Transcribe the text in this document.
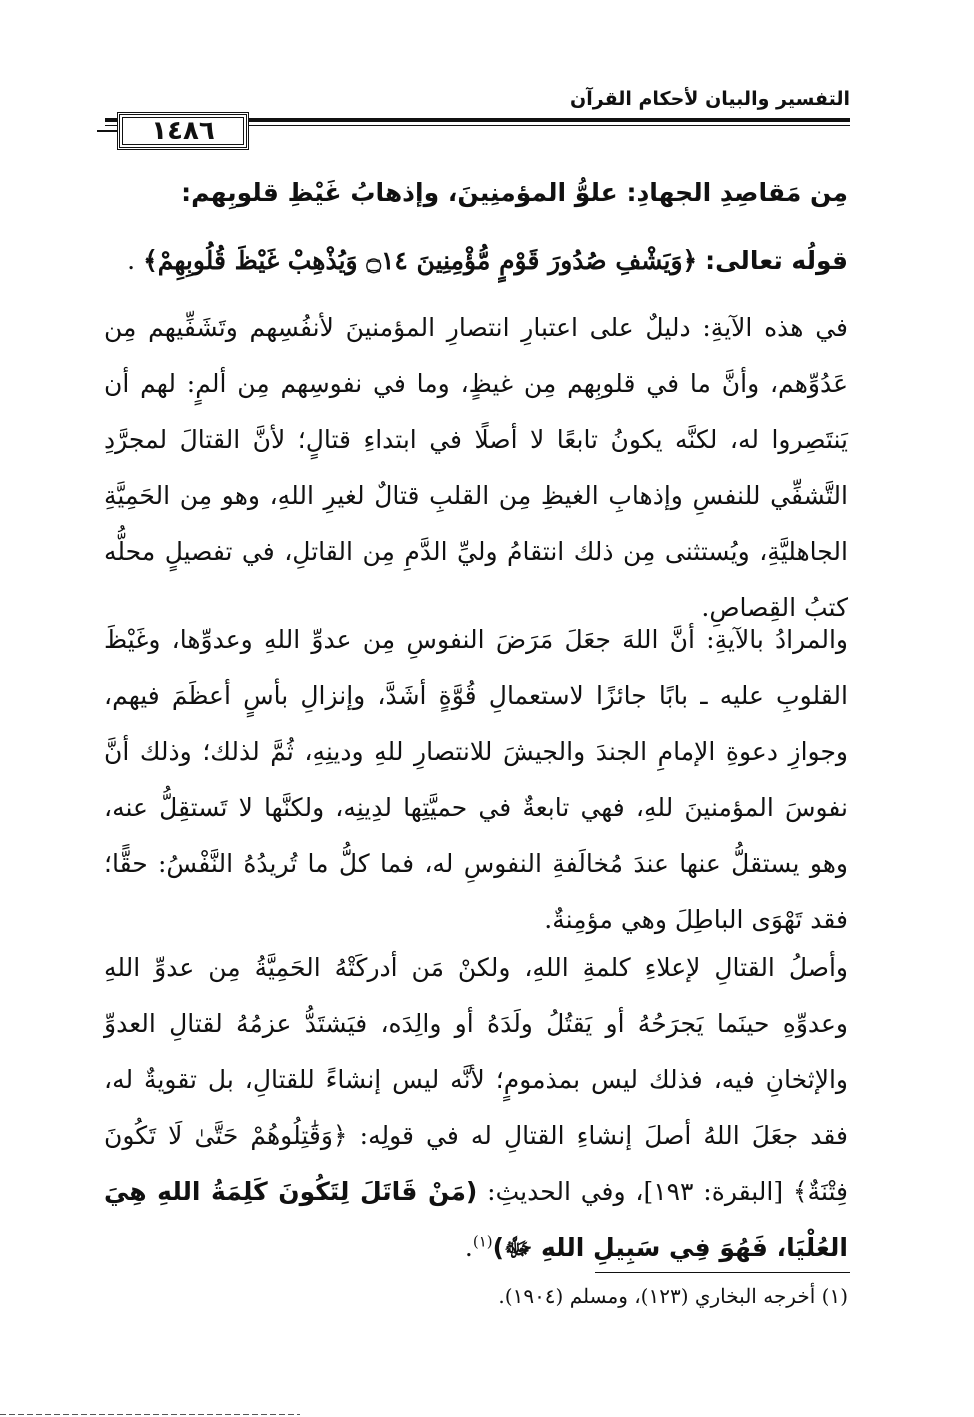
التفسير والبيان لأحكام القرآن
١٤٨٦
مِن مَقاصِدِ الجهادِ: علوُّ المؤمنِينَ، وإذهابُ غَيْظِ قلوبِهم:
قولُه تعالى: ﴿وَيَشْفِ صُدُورَ قَوْمٍ مُّؤْمِنِينَ ۝١٤ وَيُذْهِبْ غَيْظَ قُلُوبِهِمْ﴾ .
في هذه الآيةِ: دليلٌ على اعتبارِ انتصارِ المؤمنينَ لأنفُسِهم وتَشَفِّيهم مِن عَدُوِّهم، وأنَّ ما في قلوبِهم مِن غيظٍ، وما في نفوسِهم مِن ألمٍ: لهم أن يَنتَصِروا له، لكنَّه يكونُ تابعًا لا أصلًا في ابتداءِ قتالٍ؛ لأنَّ القتالَ لمجرَّدِ التَّشفِّي للنفسِ وإذهابِ الغيظِ مِن القلبِ قتالٌ لغيرِ اللهِ، وهو مِن الحَمِيَّةِ الجاهليَّةِ، ويُستثنى مِن ذلك انتقامُ وليِّ الدَّمِ مِن القاتلِ، في تفصيلٍ محلُّه كتبُ القِصاصِ.
والمرادُ بالآيةِ: أنَّ اللهَ جعَلَ مَرَضَ النفوسِ مِن عدوِّ اللهِ وعدوِّها، وغَيْظَ القلوبِ عليه ـ بابًا جائزًا لاستعمالِ قُوَّةٍ أشَدَّ، وإنزالِ بأسٍ أعظَمَ فيهم، وجوازِ دعوةِ الإمامِ الجندَ والجيشَ للانتصارِ للهِ ودينِهِ، ثُمَّ لذلك؛ وذلك أنَّ نفوسَ المؤمنينَ للهِ، فهي تابعةٌ في حميَّتِها لدِينِه، ولكنَّها لا تَستقِلُّ عنه، وهو يستقلُّ عنها عندَ مُخالَفةِ النفوسِ له، فما كلُّ ما تُريدُهُ النَّفْسُ: حقًّا؛ فقد تَهْوَى الباطِلَ وهي مؤمِنةٌ.
وأصلُ القتالِ لإعلاءِ كلمةِ اللهِ، ولكنْ مَن أدركَتْهُ الحَمِيَّةُ مِن عدوِّ اللهِ وعدوِّهِ حينَما يَجرَحُهُ أو يَقتُلُ ولَدَهُ أو والِدَه، فيَشتَدُّ عزمُهُ لقتالِ العدوِّ والإثخانِ فيه، فذلك ليس بمذمومٍ؛ لأنَّه ليس إنشاءً للقتالِ، بل تقويةٌ له، فقد جعَلَ اللهُ أصلَ إنشاءِ القتالِ له في قولِه: ﴿وَقَٰتِلُوهُمْ حَتَّىٰ لَا تَكُونَ فِتْنَةٌ﴾ [البقرة: ١٩٣]، وفي الحديثِ: (مَنْ قَاتَلَ لِتَكُونَ كَلِمَةُ اللهِ هِيَ العُلْيَا، فَهُوَ فِي سَبِيلِ اللهِ ﷻ)$^{(١)}$.
(١) أخرجه البخاري (١٢٣)، ومسلم (١٩٠٤).
